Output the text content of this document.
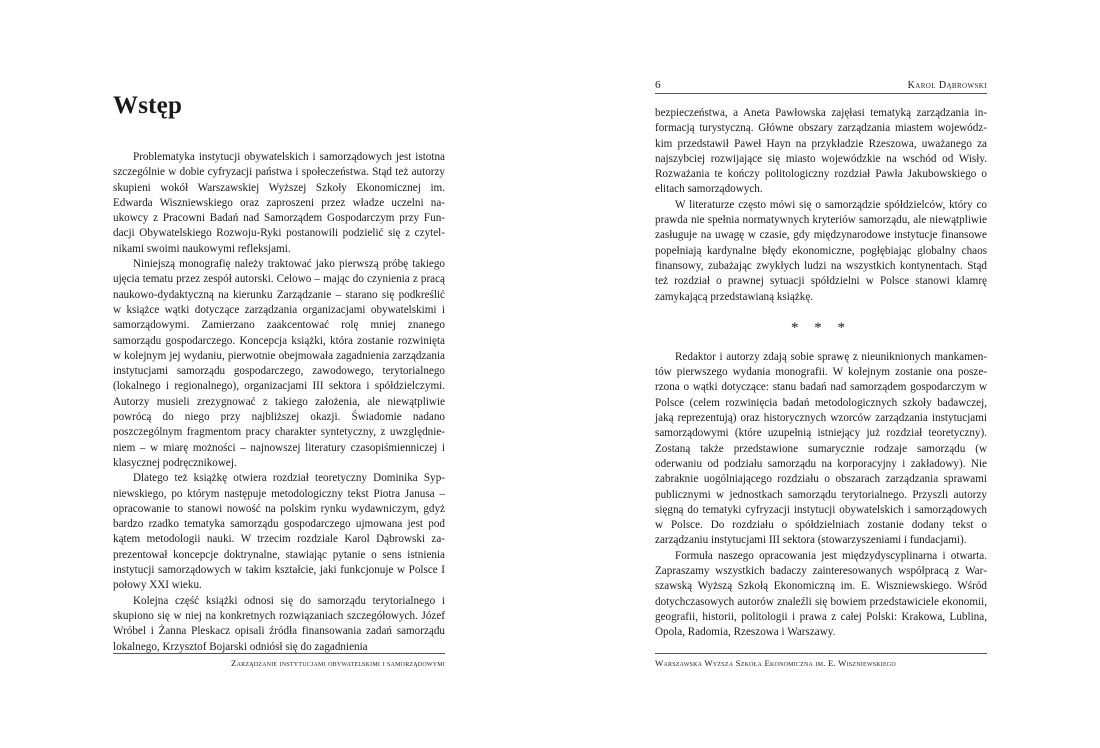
Wstęp

Problematyka instytucji obywatelskich i samorządowych jest istotna szczególnie w dobie cyfryzacji państwa i społeczeństwa. Stąd też autorzy skupieni wokół Warszawskiej Wyższej Szkoły Ekonomicznej im. Edwarda Wiszniewskiego oraz zaproszeni przez władze uczelni naukowcy z Pracowni Badań nad Samorządem Gospodarczym przy Fundacji Obywatelskiego Rozwoju-Ryki postanowili podzielić się z czytelnikami swoimi naukowymi refleksjami.

Niniejszą monografię należy traktować jako pierwszą próbę takiego ujęcia tematu przez zespół autorski. Celowo – mając do czynienia z pracą naukowo-dydaktyczną na kierunku Zarządzanie – starano się podkreślić w książce wątki dotyczące zarządzania organizacjami obywatelskimi i samorządowymi. Zamierzano zaakcentować rolę mniej znanego samorządu gospodarczego. Koncepcja książki, która zostanie rozwinięta w kolejnym jej wydaniu, pierwotnie obejmowała zagadnienia zarządzania instytucjami samorządu gospodarczego, zawodowego, terytorialnego (lokalnego i regionalnego), organizacjami III sektora i spółdzielczymi. Autorzy musieli zrezygnować z takiego założenia, ale niewątpliwie powrócą do niego przy najbliższej okazji. Świadomie nadano poszczególnym fragmentom pracy charakter syntetyczny, z uwzględnieniem – w miarę możności – najnowszej literatury czasopiśmienniczej i klasycznej podręcznikowej.

Dlatego też książkę otwiera rozdział teoretyczny Dominika Sypniewskiego, po którym następuje metodologiczny tekst Piotra Janusa – opracowanie to stanowi nowość na polskim rynku wydawniczym, gdyż bardzo rzadko tematyka samorządu gospodarczego ujmowana jest pod kątem metodologii nauki. W trzecim rozdziale Karol Dąbrowski zaprezentował koncepcje doktrynalne, stawiając pytanie o sens istnienia instytucji samorządowych w takim kształcie, jaki funkcjonuje w Polsce I połowy XXI wieku.

Kolejna część książki odnosi się do samorządu terytorialnego i skupiono się w niej na konkretnych rozwiązaniach szczegółowych. Józef Wróbel i Żanna Pleskacz opisali źródła finansowania zadań samorządu lokalnego, Krzysztof Bojarski odniósł się do zagadnienia

Zarządzanie instytucjami obywatelskimi i samorządowymi
6	Karol Dąbrowski

bezpieczeństwa, a Aneta Pawłowska zajęłasi tematyką zarządzania informacją turystyczną. Główne obszary zarządzania miastem wojewódzkim przedstawił Paweł Hayn na przykładzie Rzeszowa, uważanego za najszybciej rozwijające się miasto wojewódzkie na wschód od Wisły. Rozważania te kończy politologiczny rozdział Pawła Jakubowskiego o elitach samorządowych.

W literaturze często mówi się o samorządzie spółdzielców, który co prawda nie spełnia normatywnych kryteriów samorządu, ale niewątpliwie zasługuje na uwagę w czasie, gdy międzynarodowe instytucje finansowe popełniają kardynalne błędy ekonomiczne, pogłębiając globalny chaos finansowy, zubażając zwykłych ludzi na wszystkich kontynentach. Stąd też rozdział o prawnej sytuacji spółdzielni w Polsce stanowi klamrę zamykającą przedstawianą książkę.

* * *

Redaktor i autorzy zdają sobie sprawę z nieuniknionych mankamentów pierwszego wydania monografii. W kolejnym zostanie ona poszerzona o wątki dotyczące: stanu badań nad samorządem gospodarczym w Polsce (celem rozwinięcia badań metodologicznych szkoły badawczej, jaką reprezentują) oraz historycznych wzorców zarządzania instytucjami samorządowymi (które uzupełnią istniejący już rozdział teoretyczny). Zostaną także przedstawione sumarycznie rodzaje samorządu (w oderwaniu od podziału samorządu na korporacyjny i zakładowy). Nie zabraknie uogólniającego rozdziału o obszarach zarządzania sprawami publicznymi w jednostkach samorządu terytorialnego. Przyszli autorzy sięgną do tematyki cyfryzacji instytucji obywatelskich i samorządowych w Polsce. Do rozdziału o spółdzielniach zostanie dodany tekst o zarządzaniu instytucjami III sektora (stowarzyszeniami i fundacjami).

Formuła naszego opracowania jest międzydyscyplinarna i otwarta. Zapraszamy wszystkich badaczy zainteresowanych współpracą z Warszawską Wyższą Szkołą Ekonomiczną im. E. Wiszniewskiego. Wśród dotychczasowych autorów znaleźli się bowiem przedstawiciele ekonomii, geografii, historii, politologii i prawa z całej Polski: Krakowa, Lublina, Opola, Radomia, Rzeszowa i Warszawy.

Warszawska Wyższa Szkoła Ekonomiczna im. E. Wiszniewskiego
